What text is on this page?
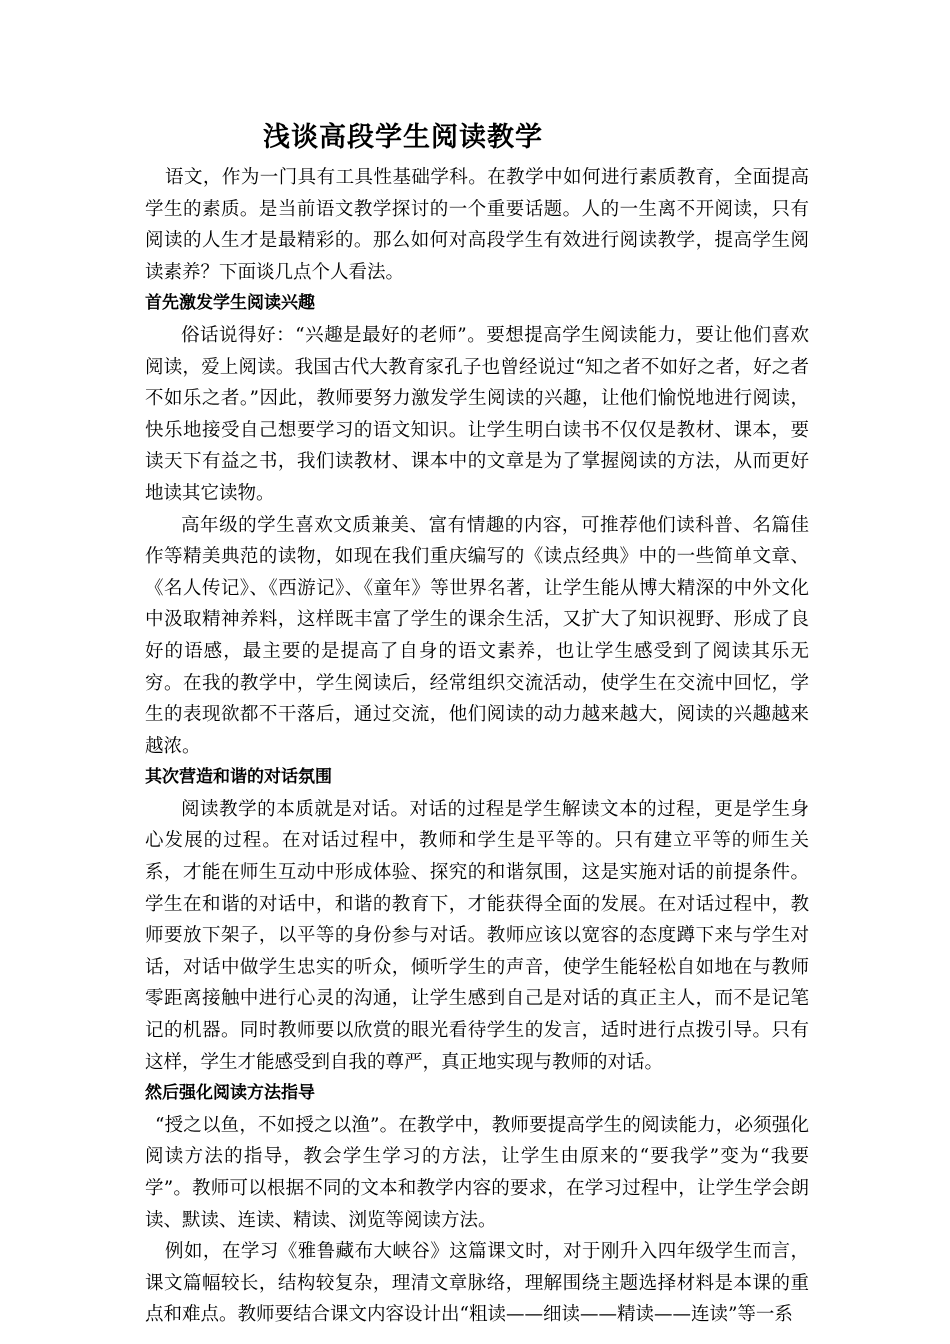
浅谈高段学生阅读教学

语文，作为一门具有工具性基础学科。在教学中如何进行素质教育，全面提高学生的素质。是当前语文教学探讨的一个重要话题。人的一生离不开阅读，只有阅读的人生才是最精彩的。那么如何对高段学生有效进行阅读教学，提高学生阅读素养？下面谈几点个人看法。

首先激发学生阅读兴趣

俗话说得好：“兴趣是最好的老师”。要想提高学生阅读能力，要让他们喜欢阅读，爱上阅读。我国古代大教育家孔子也曾经说过“知之者不如好之者，好之者不如乐之者。”因此，教师要努力激发学生阅读的兴趣，让他们愉悦地进行阅读，快乐地接受自己想要学习的语文知识。让学生明白读书不仅仅是教材、课本，要读天下有益之书，我们读教材、课本中的文章是为了掌握阅读的方法，从而更好地读其它读物。

高年级的学生喜欢文质兼美、富有情趣的内容，可推荐他们读科普、名篇佳作等精美典范的读物，如现在我们重庆编写的《读点经典》中的一些简单文章、《名人传记》、《西游记》、《童年》等世界名著，让学生能从博大精深的中外文化中汲取精神养料，这样既丰富了学生的课余生活，又扩大了知识视野、形成了良好的语感，最主要的是提高了自身的语文素养，也让学生感受到了阅读其乐无穷。在我的教学中，学生阅读后，经常组织交流活动，使学生在交流中回忆，学生的表现欲都不干落后，通过交流，他们阅读的动力越来越大，阅读的兴趣越来越浓。

其次营造和谐的对话氛围

阅读教学的本质就是对话。对话的过程是学生解读文本的过程，更是学生身心发展的过程。在对话过程中，教师和学生是平等的。只有建立平等的师生关系，才能在师生互动中形成体验、探究的和谐氛围，这是实施对话的前提条件。学生在和谐的对话中，和谐的教育下，才能获得全面的发展。在对话过程中，教师要放下架子，以平等的身份参与对话。教师应该以宽容的态度蹲下来与学生对话，对话中做学生忠实的听众，倾听学生的声音，使学生能轻松自如地在与教师零距离接触中进行心灵的沟通，让学生感到自己是对话的真正主人，而不是记笔记的机器。同时教师要以欣赏的眼光看待学生的发言，适时进行点拨引导。只有这样，学生才能感受到自我的尊严，真正地实现与教师的对话。

然后强化阅读方法指导

“授之以鱼，不如授之以渔”。在教学中，教师要提高学生的阅读能力，必须强化阅读方法的指导，教会学生学习的方法，让学生由原来的“要我学”变为“我要学”。教师可以根据不同的文本和教学内容的要求，在学习过程中，让学生学会朗读、默读、连读、精读、浏览等阅读方法。

例如，在学习《雅鲁藏布大峡谷》这篇课文时，对于刚升入四年级学生而言，课文篇幅较长，结构较复杂，理清文章脉络，理解围绕主题选择材料是本课的重点和难点。教师要结合课文内容设计出“粗读——细读——精读——连读”等一系
